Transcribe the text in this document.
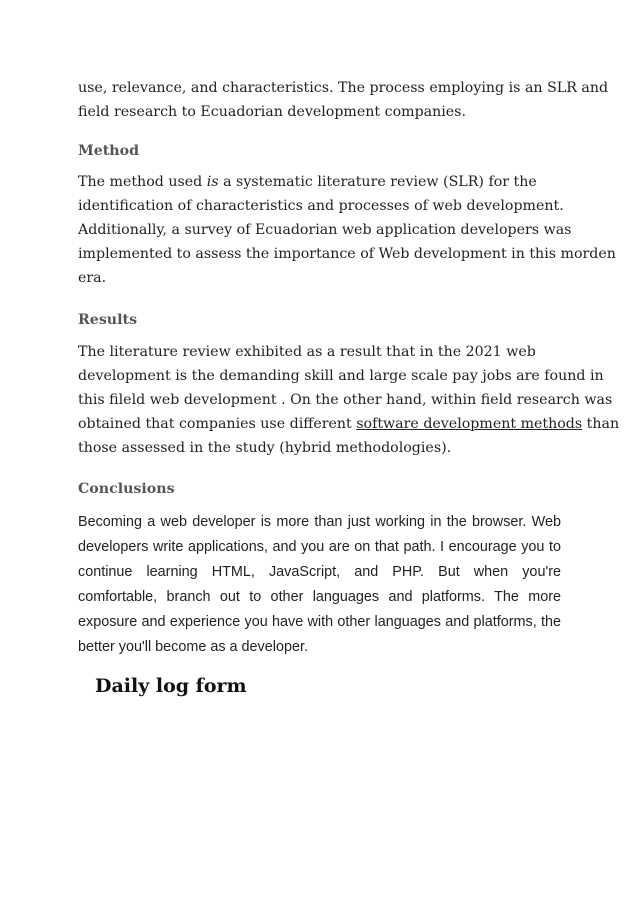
use, relevance, and characteristics. The process employing is an SLR and
field research to Ecuadorian development companies.

Method

The method used is a systematic literature review (SLR) for the
identification of characteristics and processes of web development.
Additionally, a survey of Ecuadorian web application developers was
implemented to assess the importance of Web development in this morden
era.

Results

The literature review exhibited as a result that in the 2021 web
development is the demanding skill and large scale pay jobs are found in
this fileld web development . On the other hand, within field research was
obtained that companies use different software development methods than
those assessed in the study (hybrid methodologies).

Conclusions

Becoming a web developer is more than just working in the browser. Web developers write applications, and you are on that path. I encourage you to continue learning HTML, JavaScript, and PHP. But when you're comfortable, branch out to other languages and platforms. The more exposure and experience you have with other languages and platforms, the better you'll become as a developer.

Daily log form
